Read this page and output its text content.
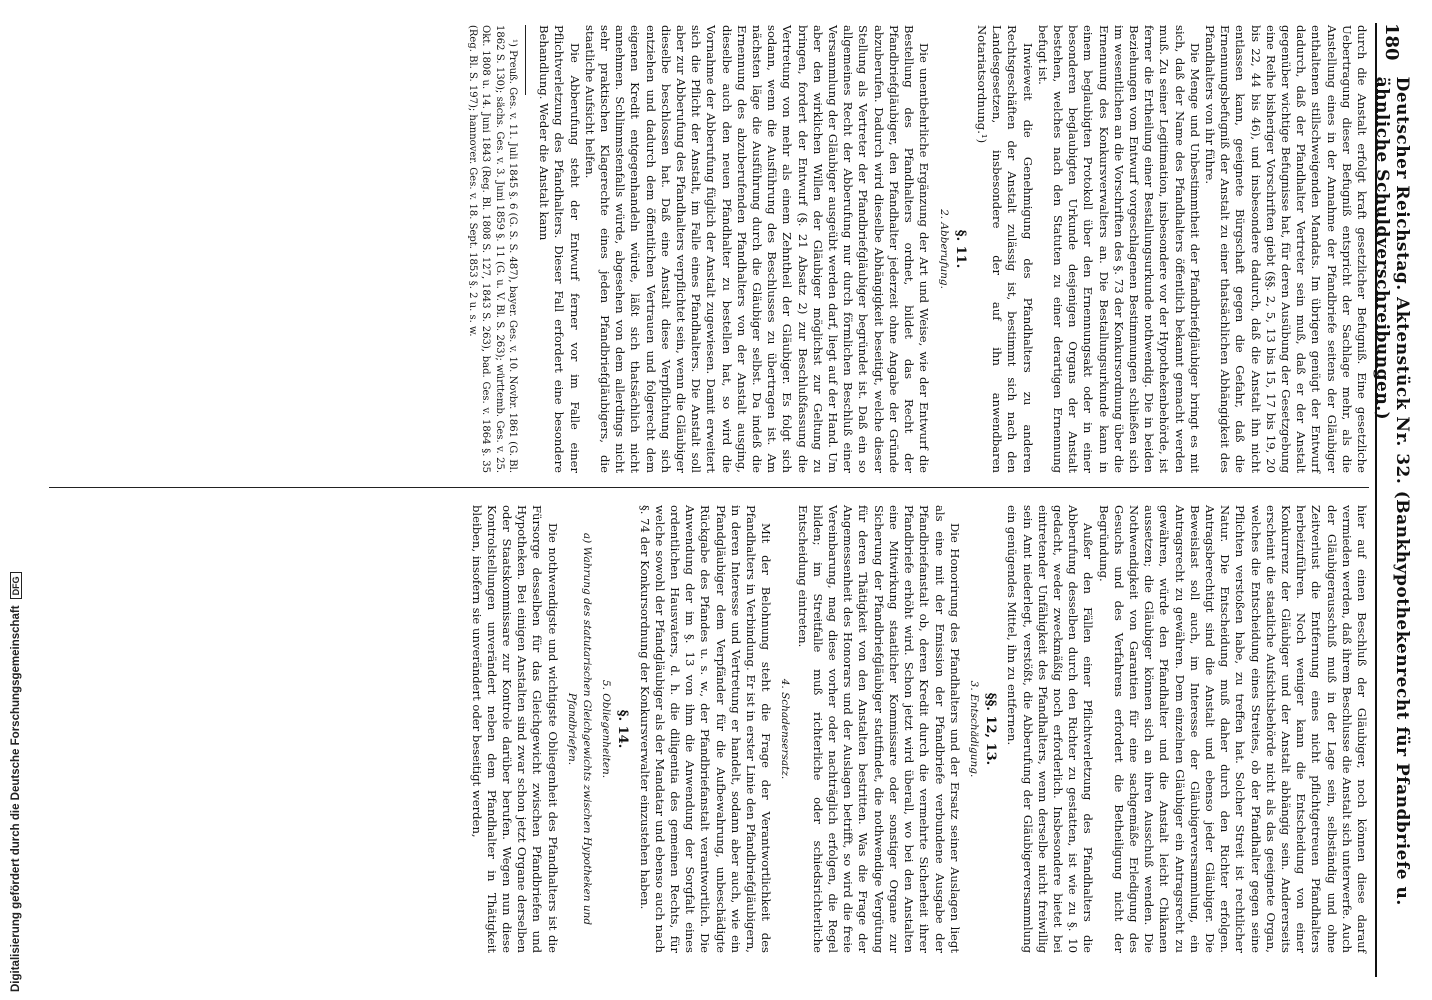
180
Deutscher Reichstag. Aktenstück Nr. 32. (Bankhypothekenrecht für Pfandbriefe u. ähnliche Schuldverschreibungen.)

durch die Anstalt erfolgt kraft gesetzlicher Befugniß. Eine gesetzliche Uebertragung dieser Befugniß entspricht der Sachlage mehr, als die Anstellung eines in der Annahme der Pfandbriefe seitens der Gläubiger enthaltenen stillschweigenden Mandats. Im übrigen genügt der Entwurf dadurch, daß der Pfandhalter Vertreter sein muß, daß er der Anstalt gegenüber wichtige Befugnisse hat, für deren Ausübung der Gesetzgebung eine Reihe bisheriger Vorschriften giebt (§§. 2, 5, 13 bis 15, 17 bis 19, 20 bis 22, 44 bis 46), und insbesondere dadurch, daß die Anstalt ihn nicht entlassen kann, geeignete Bürgschaft gegen die Gefahr, daß die Ernennungsbefugniß der Anstalt zu einer thatsächlichen Abhängigkeit des Pfandhalters von ihr führe.

Die Menge und Unbestimmtheit der Pfandbriefgläubiger bringt es mit sich, daß der Name des Pfandhalters öffentlich bekannt gemacht werden muß. Zu seiner Legitimation, insbesondere vor der Hypothekenbehörde, ist ferner die Ertheilung einer Bestallungsurkunde nothwendig. Die in beiden Beziehungen vom Entwurf vorgeschlagenen Bestimmungen schließen sich im wesentlichen an die Vorschriften des §. 73 der Konkursordnung über die Ernennung des Konkursverwalters an. Die Bestallungsurkunde kann in einem beglaubigten Protokoll über den Ernennungsakt oder in einer besonderen beglaubigten Urkunde desjenigen Organs der Anstalt bestehen, welches nach den Statuten zu einer derartigen Ernennung befugt ist.

Inwieweit die Genehmigung des Pfandhalters zu anderen Rechtsgeschäften der Anstalt zulässig ist, bestimmt sich nach den Landesgesetzen, insbesondere der auf ihn anwendbaren Notariatsordnung.¹)

§. 11.
2. Abberufung.

Die unentbehrliche Ergänzung der Art und Weise, wie der Entwurf die Bestellung des Pfandhalters ordnet, bildet das Recht der Pfandbriefgläubiger, den Pfandhalter jederzeit ohne Angabe der Gründe abzuberufen. Dadurch wird dieselbe Abhängigkeit beseitigt, welche dieser Stellung als Vertreter der Pfandbriefgläubiger begründet ist. Daß ein so allgemeines Recht der Abberufung nur durch förmlichen Beschluß einer Versammlung der Gläubiger ausgeübt werden darf, liegt auf der Hand. Um aber den wirklichen Willen der Gläubiger möglichst zur Geltung zu bringen, fordert der Entwurf (§. 21 Absatz 2) zur Beschlußfassung die Vertretung von mehr als einem Zehntheil der Gläubiger. Es folgt sich sodann, wenn die Ausführung des Beschlusses zu übertragen ist. Am nächsten läge die Ausführung durch die Gläubiger selbst. Da indeß die Ernennung des abzuberufenden Pfandhalters von der Anstalt ausging, dieselbe auch den neuen Pfandhalter zu bestellen hat, so wird die Vornahme der Abberufung füglich der Anstalt zugewiesen. Damit erweitert sich die Pflicht der Anstalt, im Falle eines Pfandhalters. Die Anstalt soll aber zur Abberufung des Pfandhalters verpflichtet sein, wenn die Gläubiger dieselbe beschlossen hat. Daß eine Anstalt diese Verpflichtung sich entziehen und dadurch dem öffentlichen Vertrauen und folgerecht dem eigenen Kredit entgegenhandeln würde, läßt sich thatsächlich nicht annehmen. Schlimmstenfalls würde, abgesehen von dem allerdings nicht sehr praktischen Klagerechte eines jeden Pfandbriefgläubigers, die staatliche Aufsicht helfen.

Die Abberufung steht der Entwurf ferner vor im Falle einer Pflichtverletzung des Pfandhalters. Dieser Fall erfordert eine besondere Behandlung. Weder die Anstalt kann

¹) Preuß. Ges. v. 11. Juli 1845 §. 6 (G. S. S. 487), bayer. Ges. v. 10. Novbr. 1861 (G. Bl. 1862 S. 130); sächs. Ges. v. 3. Juni 1859 §. 11 (G. u. V. Bl. S. 263); württemb. Ges. v. 25. Okt. 1808 u. 14. Juni 1843 (Reg. Bl. 1808 S. 127, 1843 S. 263), bad. Ges. v. 1864 §. 35 (Reg. Bl. S. 197); hannover. Ges. v. 18. Sept. 1853 §. 2 u. s. w.

hier auf einen Beschluß der Gläubiger, noch können diese darauf vermieden werden, daß ihrem Beschlusse die Anstalt sich unterwerfe. Auch der Gläubigerausschuß muß in der Lage sein, selbständig und ohne Zeitverlust die Entfernung eines nicht pflichtgetreuen Pfandhalters herbeizuführen. Noch weniger kann die Entscheidung von einer Konkurrenz der Gläubiger und der Anstalt abhängig sein. Andererseits erscheint die staatliche Aufsichtsbehörde nicht als das geeignete Organ, welches die Entscheidung eines Streites, ob der Pfandhalter gegen seine Pflichten verstoßen habe, zu treffen hat. Solcher Streit ist rechtlicher Natur. Die Entscheidung muß daher durch den Richter erfolgen. Antragsberechtigt sind die Anstalt und ebenso jeder Gläubiger. Die Beweislast soll auch, im Interesse der Gläubigerversammlung, ein Antragsrecht zu gewähren. Dem einzelnen Gläubiger ein Antragsrecht zu gewähren, würde den Pfandhalter und die Anstalt leicht Chikanen aussetzen; die Gläubiger können sich an ihren Ausschuß wenden. Die Nothwendigkeit von Garantien für eine sachgemäße Erledigung des Gesuchs und des Verfahrens erfordert die Betheiligung nicht der Begründung.

Außer den Fällen einer Pflichtverletzung des Pfandhalters die Abberufung desselben durch den Richter zu gestatten, ist wie zu §. 10 gedacht, weder zweckmäßig noch erforderlich. Insbesondere bietet bei eintretender Unfähigkeit des Pfandhalters, wenn derselbe nicht freiwillig sein Amt niederlegt, verstößt, die Abberufung der Gläubigerversammlung ein genügendes Mittel, ihn zu entfernen.

§§. 12, 13.
3. Entschädigung.

Die Honorirung des Pfandhalters und der Ersatz seiner Auslagen liegt als eine mit der Emission der Pfandbriefe verbundene Ausgabe der Pfandbriefanstalt ob, deren Kredit durch die vermehrte Sicherheit ihrer Pfandbriefe erhöht wird. Schon jetzt wird überall, wo bei den Anstalten eine Mitwirkung staatlicher Kommissare oder sonstiger Organe zur Sicherung der Pfandbriefgläubiger stattfindet, die nothwendige Vergütung für deren Thätigkeit von den Anstalten bestritten. Was die Frage der Angemessenheit des Honorars und der Auslagen betrifft, so wird die freie Vereinbarung, mag diese vorher oder nachträglich erfolgen, die Regel bilden; im Streitfalle muß richterliche oder schiedsrichterliche Entscheidung eintreten.

4. Schadensersatz.

Mit der Belohnung steht die Frage der Verantwortlichkeit des Pfandhalters in Verbindung. Er ist in erster Linie den Pfandbriefgläubigern, in deren Interesse und Vertretung er handelt, sodann aber auch, wie ein Pfandgläubiger dem Verpfänder für die Aufbewahrung, unbeschädigte Rückgabe des Pfandes u. s. w., der Pfandbriefanstalt verantwortlich. Die Anwendung der im §. 13 von ihm die Anwendung der Sorgfalt eines ordentlichen Hausvaters, d. h. die diligentia des gemeinen Rechts, für welche sowohl der Pfandgläubiger als der Mandatar und ebenso auch nach §. 74 der Konkursordnung der Konkursverwalter einzustehen haben.

§. 14.
5. Obliegenheiten.
a) Wahrung des statutarischen Gleichgewichts zwischen Hypotheken und Pfandbriefen.

Die nothwendigste und wichtigste Obliegenheit des Pfandhalters ist die Fürsorge desselben für das Gleichgewicht zwischen Pfandbriefen und Hypotheken. Bei einigen Anstalten sind zwar schon jetzt Organe derselben oder Staatskommissare zur Kontrole darüber berufen. Wegen nun diese Kontrolstellungen unverändert neben dem Pfandhalter in Thätigkeit bleiben, insofern sie unverändert oder beseitigt werden,

Digitalisierung gefördert durch die Deutsche Forschungsgemeinschaft
DFG
